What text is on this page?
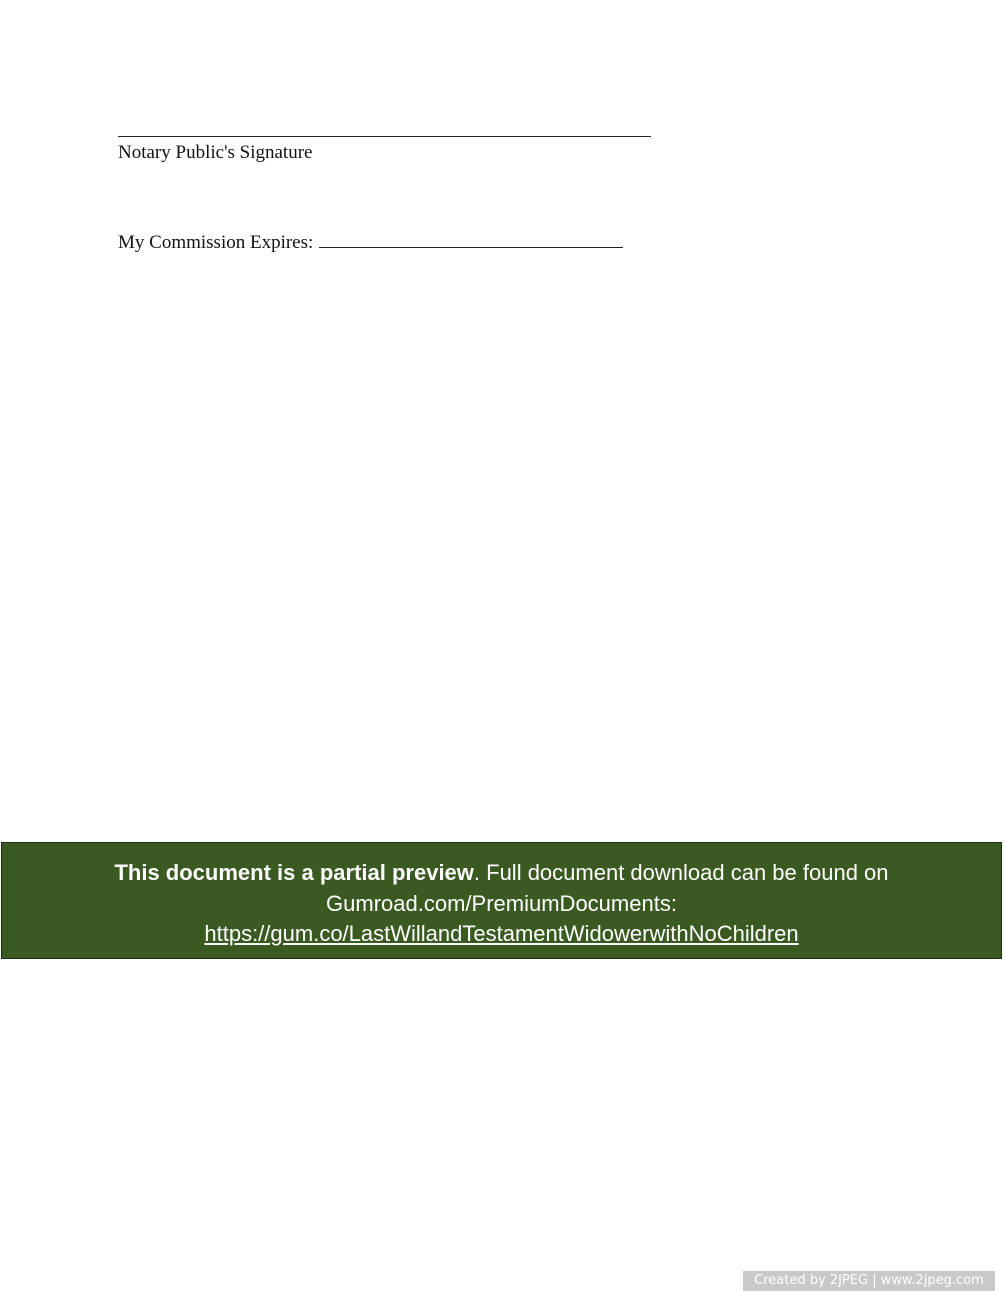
Notary Public's Signature
My Commission Expires:
This document is a partial preview. Full document download can be found on
Gumroad.com/PremiumDocuments:
https://gum.co/LastWillandTestamentWidowerwithNoChildren
Created by 2JPEG | www.2jpeg.com
